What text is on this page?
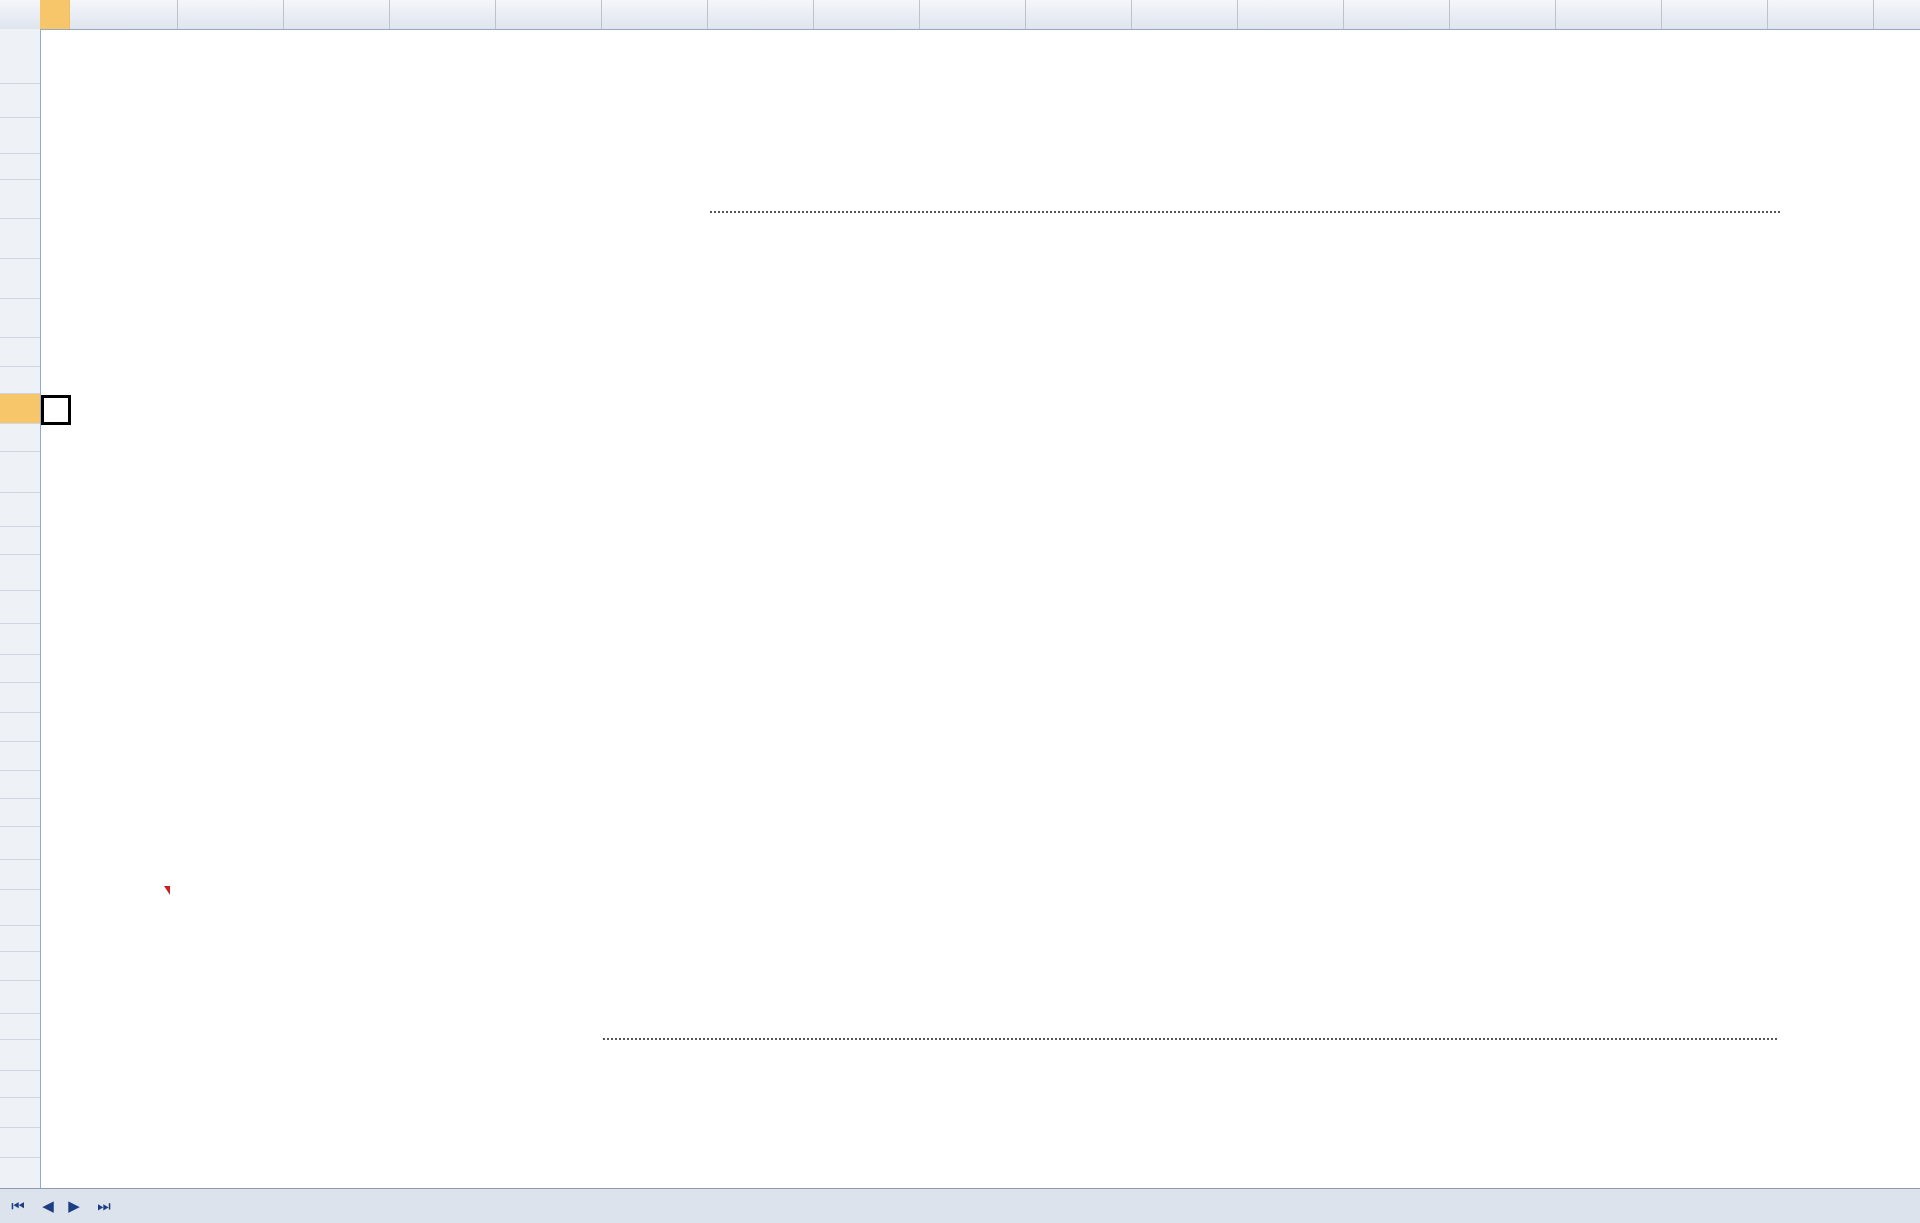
⏮	◀ ▶	⏭
